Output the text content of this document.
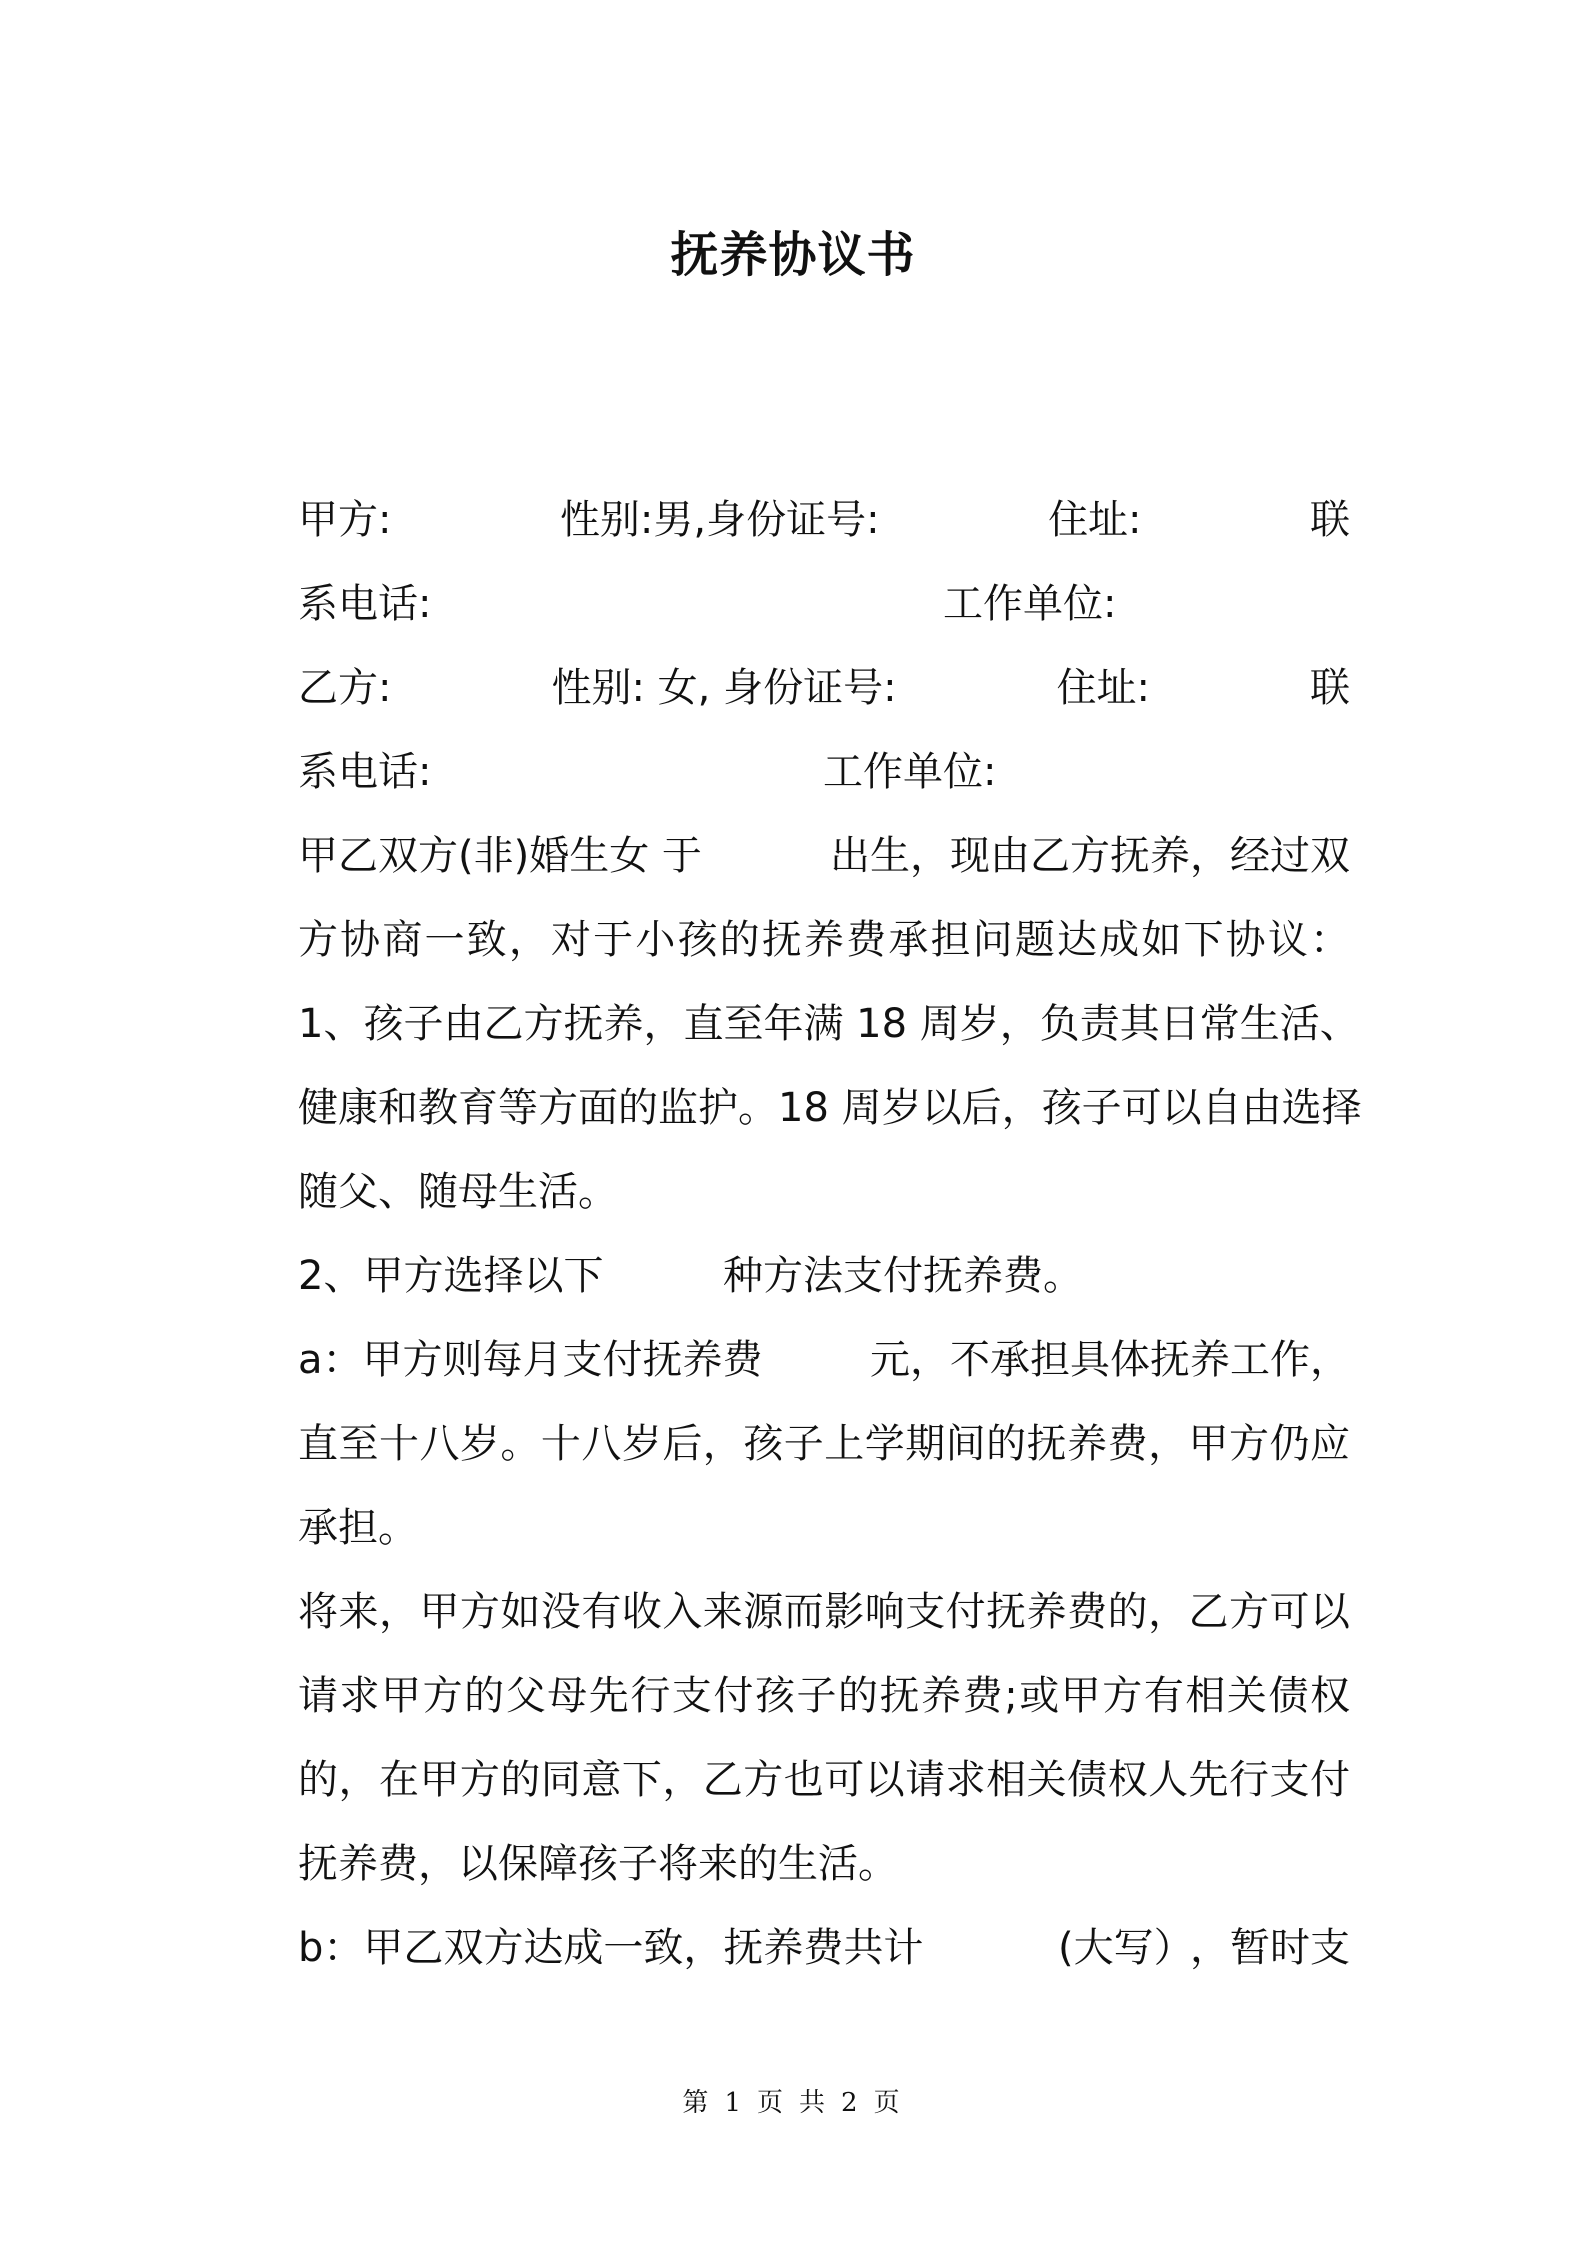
抚养协议书
甲方:	性别:男,身份证号:	住址:	联
系电话:	工作单位:
乙方:	性别: 女, 身份证号:	住址:	联
系电话:	工作单位:
甲乙双方(非)婚生女 于	出生，现由乙方抚养，经过双
方协商一致，对于小孩的抚养费承担问题达成如下协议：
1、孩子由乙方抚养，直至年满 18 周岁，负责其日常生活、
健康和教育等方面的监护。18 周岁以后，孩子可以自由选择
随父、随母生活。
2、甲方选择以下	种方法支付抚养费。
a：甲方则每月支付抚养费	元，不承担具体抚养工作，
直至十八岁。十八岁后，孩子上学期间的抚养费，甲方仍应
承担。
将来，甲方如没有收入来源而影响支付抚养费的，乙方可以
请求甲方的父母先行支付孩子的抚养费;或甲方有相关债权
的，在甲方的同意下，乙方也可以请求相关债权人先行支付
抚养费，以保障孩子将来的生活。
b：甲乙双方达成一致，抚养费共计	(大写）
，暂时支
第 1 页 共 2 页
